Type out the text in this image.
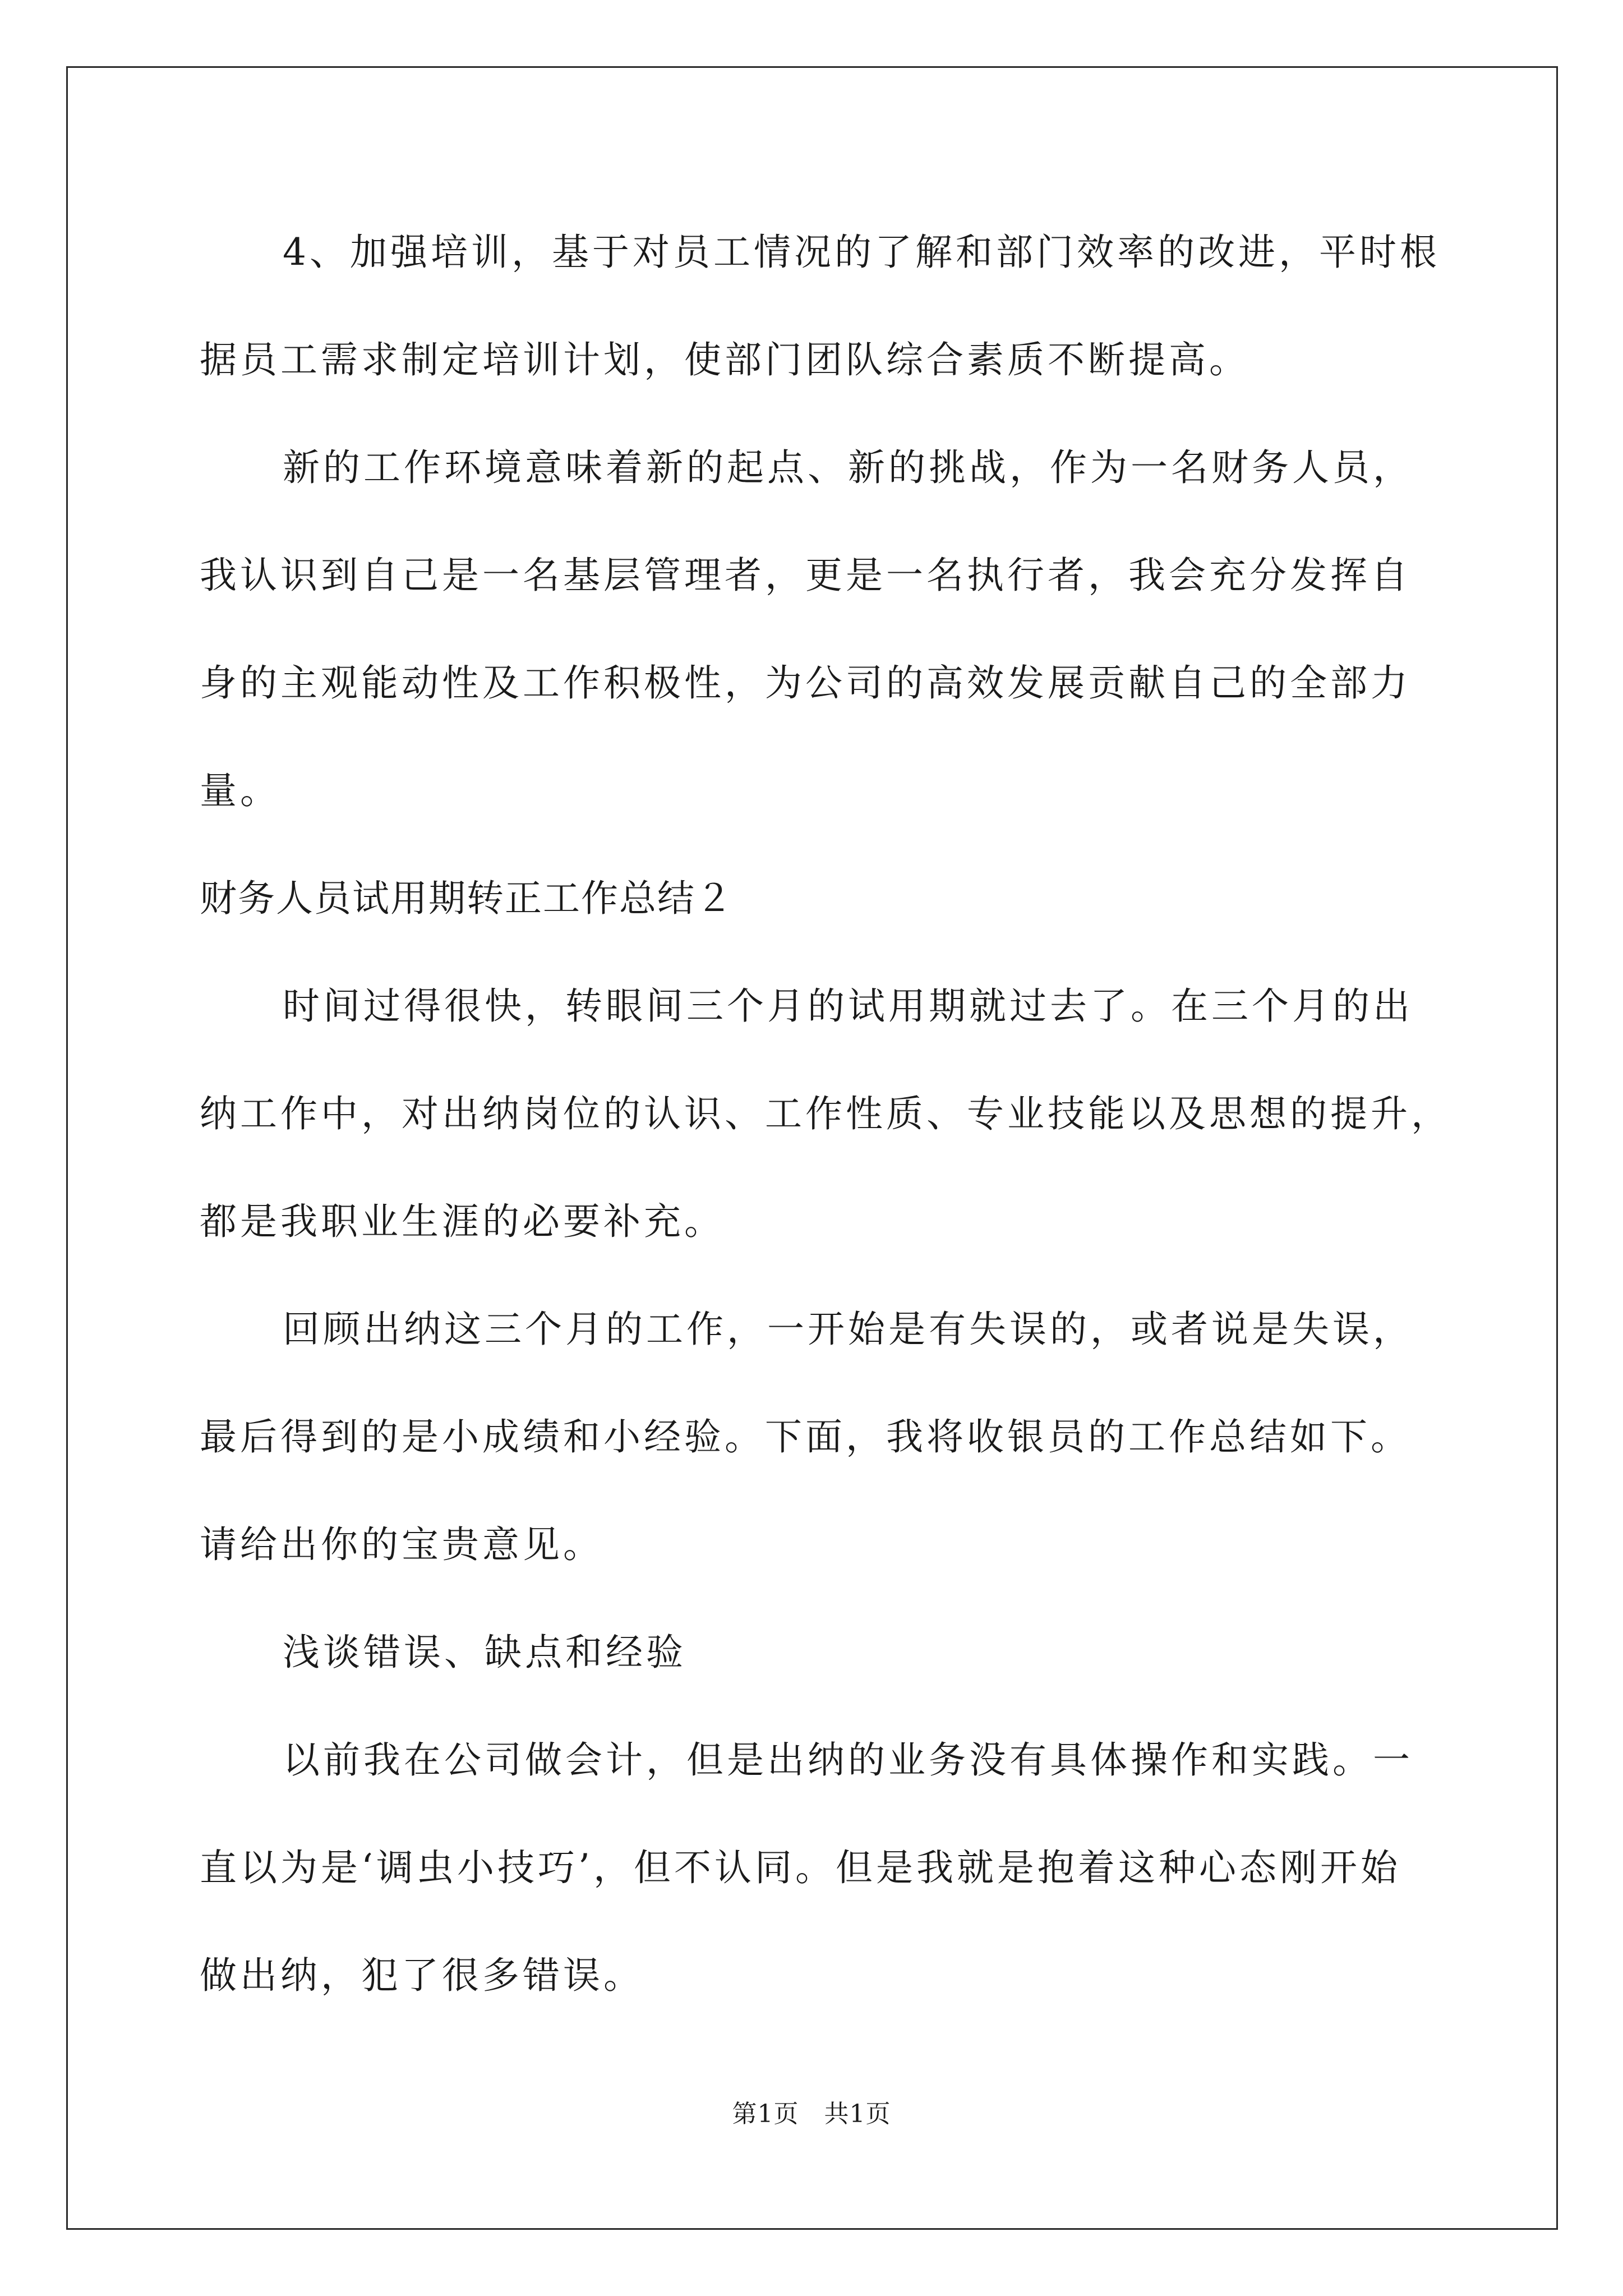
4、加强培训，基于对员工情况的了解和部门效率的改进，平时根
据员工需求制定培训计划，使部门团队综合素质不断提高。
新的工作环境意味着新的起点、新的挑战，作为一名财务人员，
我认识到自己是一名基层管理者，更是一名执行者，我会充分发挥自
身的主观能动性及工作积极性，为公司的高效发展贡献自己的全部力
量。
财务人员试用期转正工作总结２
时间过得很快，转眼间三个月的试用期就过去了。在三个月的出
纳工作中，对出纳岗位的认识、工作性质、专业技能以及思想的提升，
都是我职业生涯的必要补充。
回顾出纳这三个月的工作，一开始是有失误的，或者说是失误，
最后得到的是小成绩和小经验。下面，我将收银员的工作总结如下。
请给出你的宝贵意见。
浅谈错误、缺点和经验
以前我在公司做会计，但是出纳的业务没有具体操作和实践。一
直以为是‘调虫小技巧’，但不认同。但是我就是抱着这种心态刚开始
做出纳，犯了很多错误。
第1页　共1页
